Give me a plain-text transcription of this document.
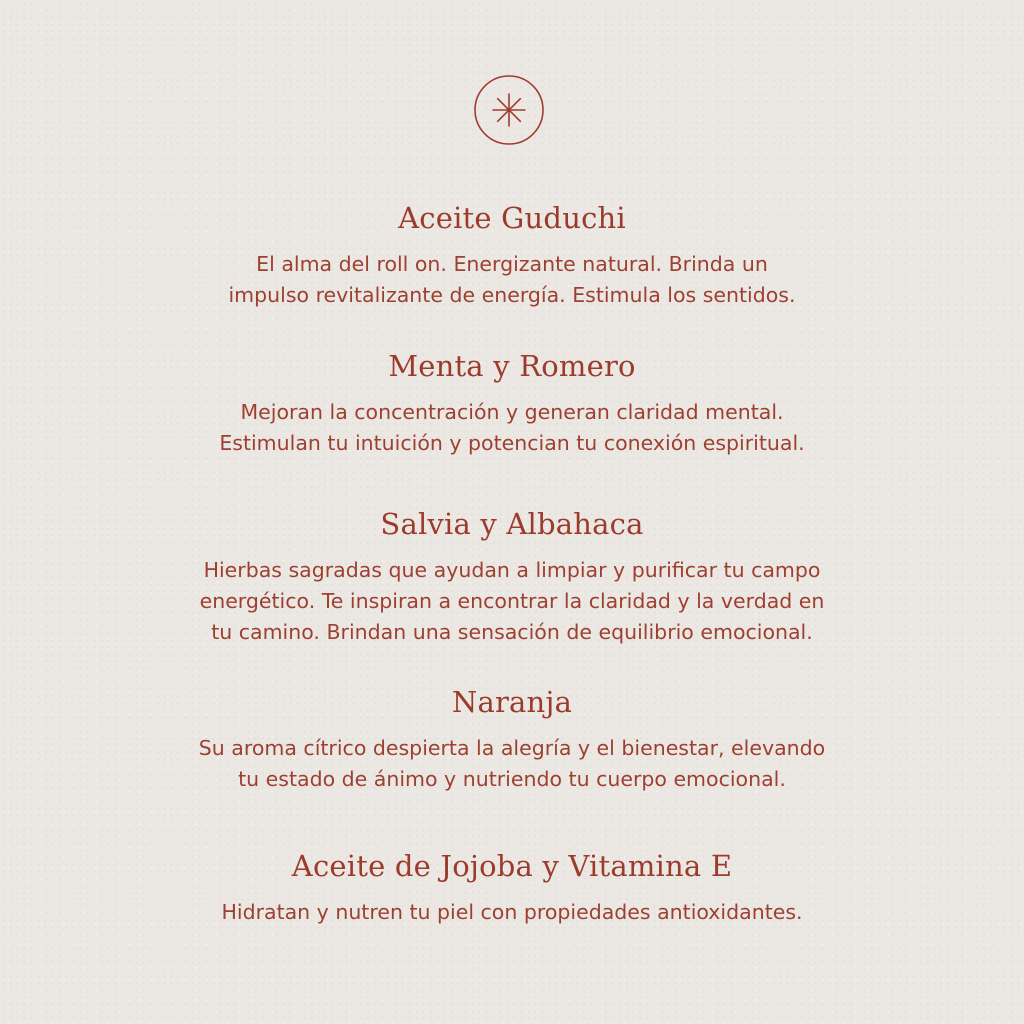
Aceite Guduchi

El alma del roll on. Energizante natural. Brinda un
impulso revitalizante de energía. Estimula los sentidos.

Menta y Romero

Mejoran la concentración y generan claridad mental.
Estimulan tu intuición y potencian tu conexión espiritual.

Salvia y Albahaca

Hierbas sagradas que ayudan a limpiar y purificar tu campo
energético. Te inspiran a encontrar la claridad y la verdad en
tu camino. Brindan una sensación de equilibrio emocional.

Naranja

Su aroma cítrico despierta la alegría y el bienestar, elevando
tu estado de ánimo y nutriendo tu cuerpo emocional.

Aceite de Jojoba y Vitamina E

Hidratan y nutren tu piel con propiedades antioxidantes.
